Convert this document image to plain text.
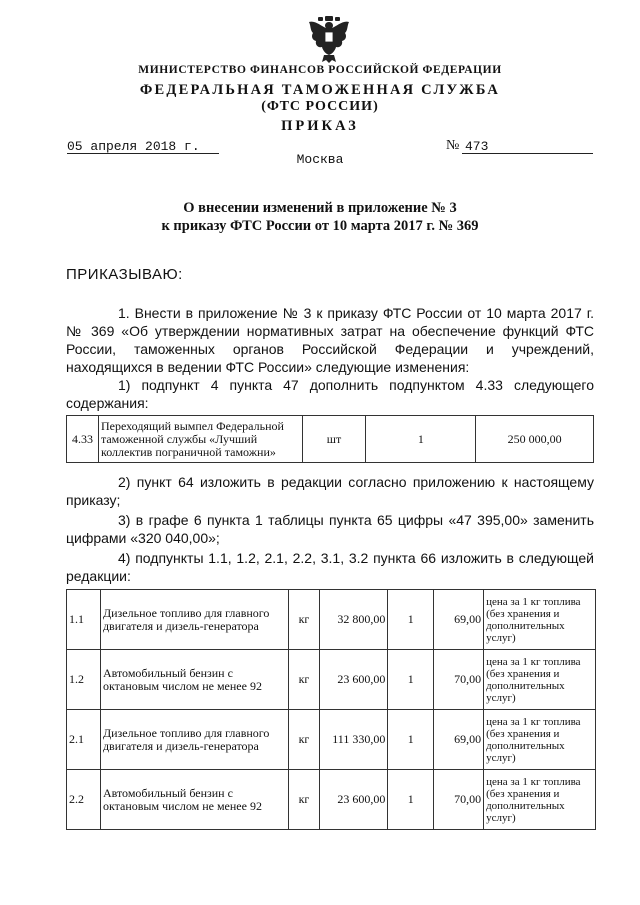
МИНИСТЕРСТВО ФИНАНСОВ РОССИЙСКОЙ ФЕДЕРАЦИИ
ФЕДЕРАЛЬНАЯ ТАМОЖЕННАЯ СЛУЖБА
(ФТС РОССИИ)
ПРИКАЗ
05 апреля 2018 г.	№ 473
Москва
О внесении изменений в приложение № 3
к приказу ФТС России от 10 марта 2017 г. № 369
ПРИКАЗЫВАЮ:
1. Внести в приложение № 3 к приказу ФТС России от 10 марта 2017 г. № 369 «Об утверждении нормативных затрат на обеспечение функций ФТС России, таможенных органов Российской Федерации и учреждений, находящихся в ведении ФТС России» следующие изменения:
1) подпункт 4 пункта 47 дополнить подпунктом 4.33 следующего содержания:
4.33	Переходящий вымпел Федеральной таможенной службы «Лучший коллектив пограничной таможни»	шт	1	250 000,00
2) пункт 64 изложить в редакции согласно приложению к настоящему приказу;
3) в графе 6 пункта 1 таблицы пункта 65 цифры «47 395,00» заменить цифрами «320 040,00»;
4) подпункты 1.1, 1.2, 2.1, 2.2, 3.1, 3.2 пункта 66 изложить в следующей редакции:
1.1	Дизельное топливо для главного двигателя и дизель-генератора	кг	32 800,00	1	69,00	цена за 1 кг топлива (без хранения и дополнительных услуг)
1.2	Автомобильный бензин с октановым числом не менее 92	кг	23 600,00	1	70,00	цена за 1 кг топлива (без хранения и дополнительных услуг)
2.1	Дизельное топливо для главного двигателя и дизель-генератора	кг	111 330,00	1	69,00	цена за 1 кг топлива (без хранения и дополнительных услуг)
2.2	Автомобильный бензин с октановым числом не менее 92	кг	23 600,00	1	70,00	цена за 1 кг топлива (без хранения и дополнительных услуг)
